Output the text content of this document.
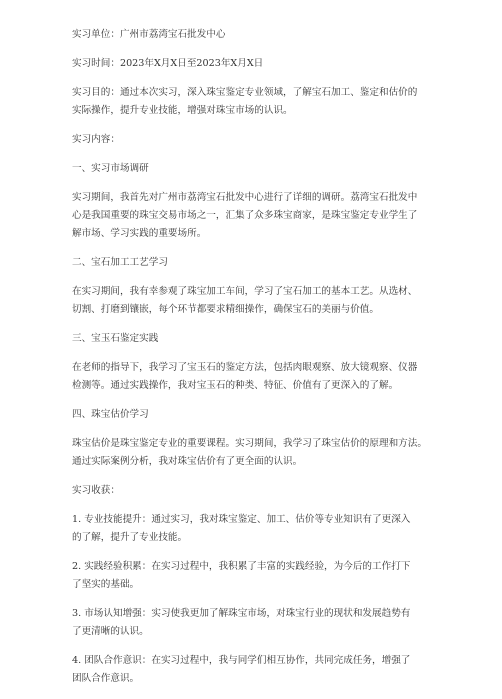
实习单位：广州市荔湾宝石批发中心

实习时间：2023年X月X日至2023年X月X日

实习目的：通过本次实习，深入珠宝鉴定专业领域，了解宝石加工、鉴定和估价的

实际操作，提升专业技能，增强对珠宝市场的认识。

实习内容：

一、实习市场调研

实习期间，我首先对广州市荔湾宝石批发中心进行了详细的调研。荔湾宝石批发中

心是我国重要的珠宝交易市场之一，汇集了众多珠宝商家，是珠宝鉴定专业学生了

解市场、学习实践的重要场所。

二、宝石加工工艺学习

在实习期间，我有幸参观了珠宝加工车间，学习了宝石加工的基本工艺。从选材、

切割、打磨到镶嵌，每个环节都要求精细操作，确保宝石的美丽与价值。

三、宝玉石鉴定实践

在老师的指导下，我学习了宝玉石的鉴定方法，包括肉眼观察、放大镜观察、仪器

检测等。通过实践操作，我对宝玉石的种类、特征、价值有了更深入的了解。

四、珠宝估价学习

珠宝估价是珠宝鉴定专业的重要课程。实习期间，我学习了珠宝估价的原理和方法。

通过实际案例分析，我对珠宝估价有了更全面的认识。

实习收获：

1. 专业技能提升：通过实习，我对珠宝鉴定、加工、估价等专业知识有了更深入

的了解，提升了专业技能。

2. 实践经验积累：在实习过程中，我积累了丰富的实践经验，为今后的工作打下

了坚实的基础。

3. 市场认知增强：实习使我更加了解珠宝市场，对珠宝行业的现状和发展趋势有

了更清晰的认识。

4. 团队合作意识：在实习过程中，我与同学们相互协作，共同完成任务，增强了

团队合作意识。
